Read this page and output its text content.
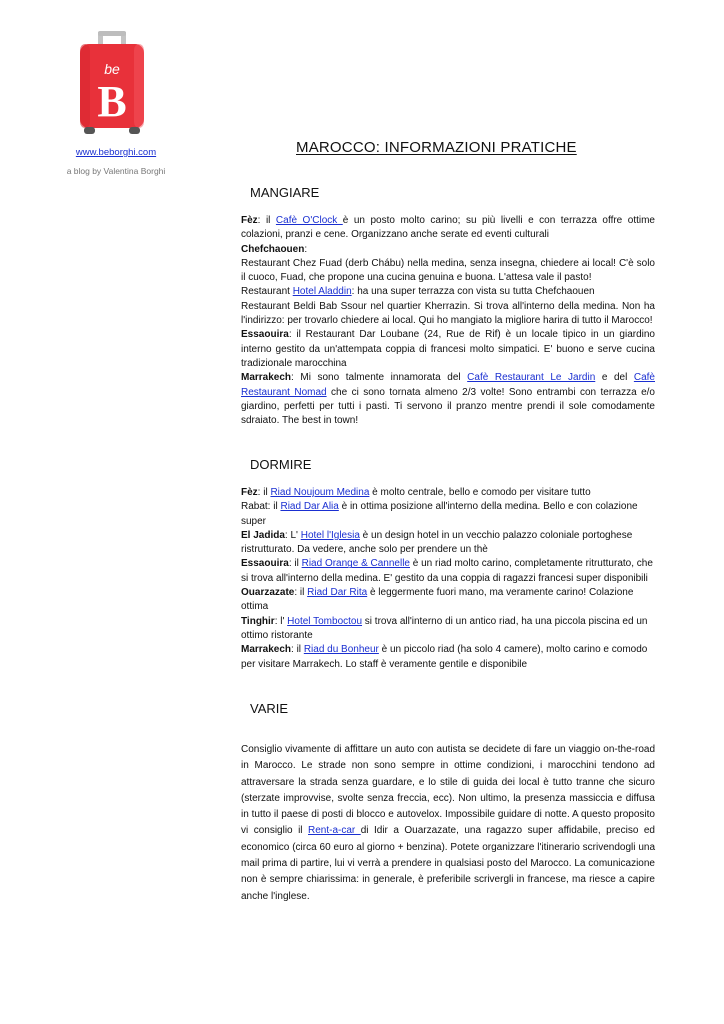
be
B
www.beborghi.com
a blog by Valentina Borghi
MAROCCO: INFORMAZIONI PRATICHE
MANGIARE

Fèz: il Cafè O'Clock è un posto molto carino; su più livelli e con terrazza offre ottime colazioni, pranzi e cene. Organizzano anche serate ed eventi culturali

Chefchaouen:

Restaurant Chez Fuad (derb Chábu) nella medina, senza insegna, chiedere ai local! C'è solo il cuoco, Fuad, che propone una cucina genuina e buona. L'attesa vale il pasto!

Restaurant Hotel Aladdin: ha una super terrazza con vista su tutta Chefchaouen

Restaurant Beldi Bab Ssour nel quartier Kherrazin. Si trova all'interno della medina. Non ha l'indirizzo: per trovarlo chiedere ai local. Qui ho mangiato la migliore harira di tutto il Marocco!

Essaouira: il Restaurant Dar Loubane (24, Rue de Rif) è un locale tipico in un giardino interno gestito da un'attempata coppia di francesi molto simpatici. E' buono e serve cucina tradizionale marocchina

Marrakech: Mi sono talmente innamorata del Cafè Restaurant Le Jardin e del Cafè Restaurant Nomad che ci sono tornata almeno 2/3 volte! Sono entrambi con terrazza e/o giardino, perfetti per tutti i pasti. Ti servono il pranzo mentre prendi il sole comodamente sdraiato. The best in town!

DORMIRE

Fèz: il Riad Noujoum Medina è molto centrale, bello e comodo per visitare tutto

Rabat: il Riad Dar Alia è in ottima posizione all'interno della medina. Bello e con colazione super

El Jadida: L' Hotel l'Iglesia è un design hotel in un vecchio palazzo coloniale portoghese ristrutturato. Da vedere, anche solo per prendere un thè

Essaouira: il Riad Orange & Cannelle è un riad molto carino, completamente ritrutturato, che si trova all'interno della medina. E' gestito da una coppia di ragazzi francesi super disponibili

Ouarzazate: il Riad Dar Rita è leggermente fuori mano, ma veramente carino! Colazione ottima

Tinghir: l' Hotel Tomboctou si trova all'interno di un antico riad, ha una piccola piscina ed un ottimo ristorante

Marrakech: il Riad du Bonheur è un piccolo riad (ha solo 4 camere), molto carino e comodo per visitare Marrakech. Lo staff è veramente gentile e disponibile

VARIE

Consiglio vivamente di affittare un auto con autista se decidete di fare un viaggio on-the-road in Marocco. Le strade non sono sempre in ottime condizioni, i marocchini tendono ad attraversare la strada senza guardare, e lo stile di guida dei local è tutto tranne che sicuro (sterzate improvvise, svolte senza freccia, ecc). Non ultimo, la presenza massiccia e diffusa in tutto il paese di posti di blocco e autovelox. Impossibile guidare di notte. A questo proposito vi consiglio il Rent-a-car di Idir a Ouarzazate, una ragazzo super affidabile, preciso ed economico (circa 60 euro al giorno + benzina). Potete organizzare l'itinerario scrivendogli una mail prima di partire, lui vi verrà a prendere in qualsiasi posto del Marocco. La comunicazione non è sempre chiarissima: in generale, è preferibile scrivergli in francese, ma riesce a capire anche l'inglese.
